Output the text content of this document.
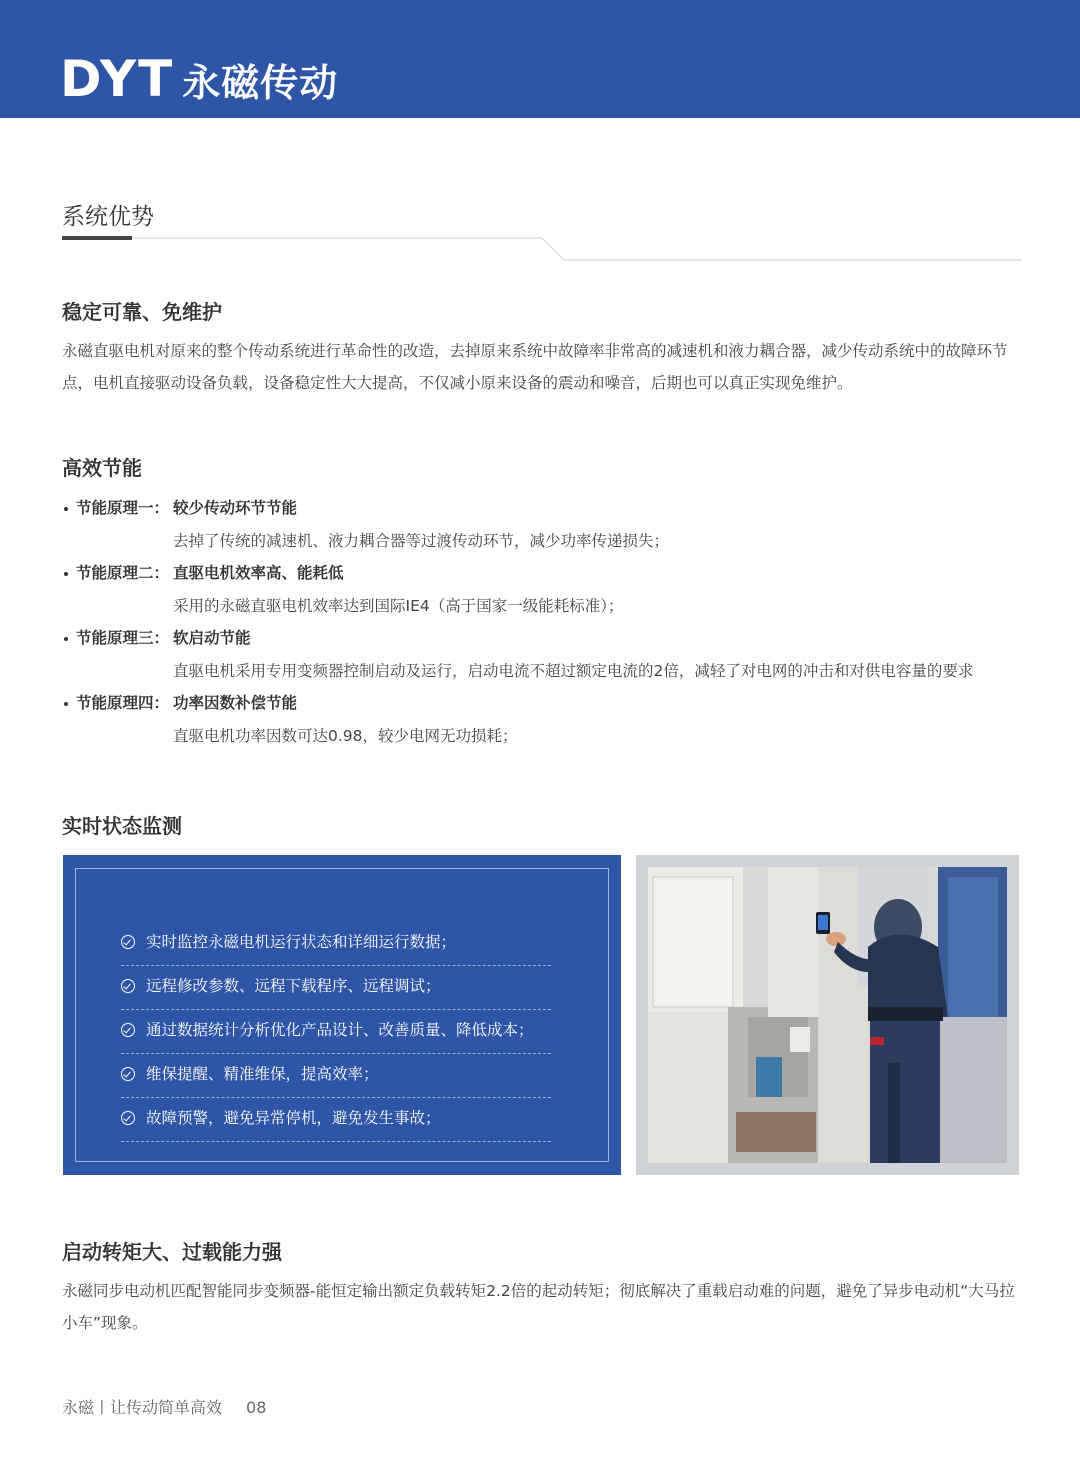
DYT 永磁传动
系统优势
稳定可靠、免维护
永磁直驱电机对原来的整个传动系统进行革命性的改造，去掉原来系统中故障率非常高的减速机和液力耦合器，减少传动系统中的故障环节点，电机直接驱动设备负载，设备稳定性大大提高，不仅减小原来设备的震动和噪音，后期也可以真正实现免维护。
高效节能
节能原理一： 较少传动环节节能
去掉了传统的减速机、液力耦合器等过渡传动环节，减少功率传递损失；
节能原理二： 直驱电机效率高、能耗低
采用的永磁直驱电机效率达到国际IE4（高于国家一级能耗标准）；
节能原理三： 软启动节能
直驱电机采用专用变频器控制启动及运行，启动电流不超过额定电流的2倍，减轻了对电网的冲击和对供电容量的要求
节能原理四： 功率因数补偿节能
直驱电机功率因数可达0.98，较少电网无功损耗；
实时状态监测
实时监控永磁电机运行状态和详细运行数据；
远程修改参数、远程下载程序、远程调试；
通过数据统计分析优化产品设计、改善质量、降低成本；
维保提醒、精准维保，提高效率；
故障预警，避免异常停机，避免发生事故；
启动转矩大、过载能力强
永磁同步电动机匹配智能同步变频器-能恒定输出额定负载转矩2.2倍的起动转矩；彻底解决了重载启动难的问题，避免了异步电动机“大马拉小车”现象。
永磁丨让传动简单高效 08
